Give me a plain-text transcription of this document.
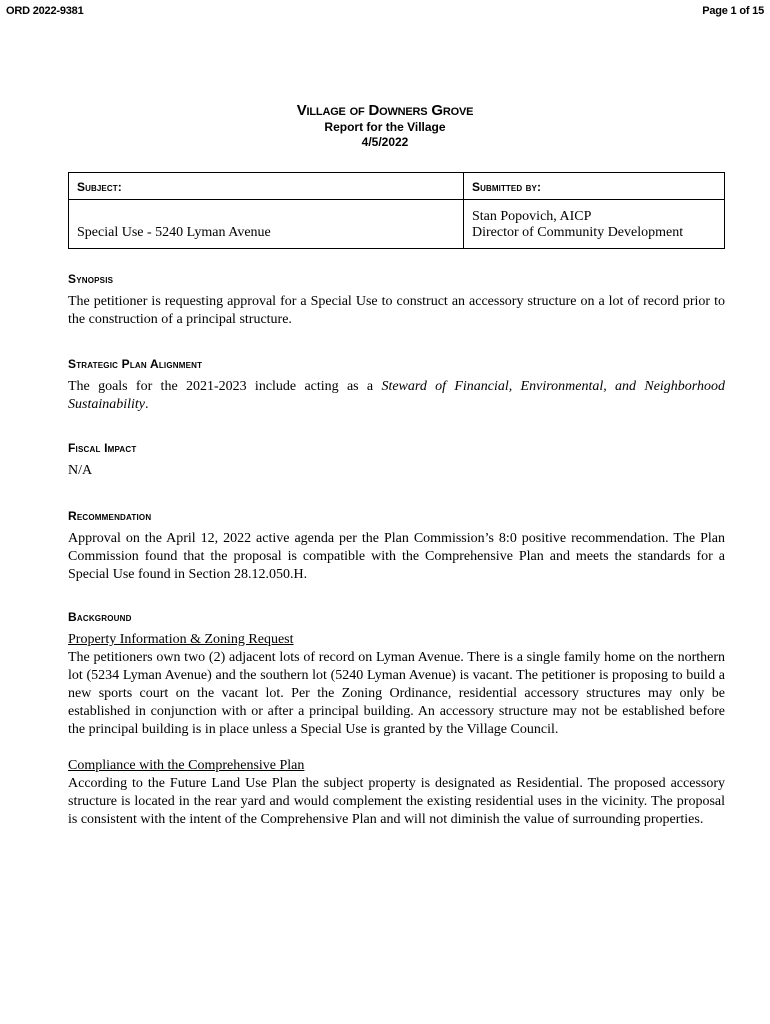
ORD 2022-9381	Page 1 of 15
Village of Downers Grove
Report for the Village
4/5/2022
Subject:	Submitted by:

Special Use - 5240 Lyman Avenue	Stan Popovich, AICP
Director of Community Development
Synopsis
The petitioner is requesting approval for a Special Use to construct an accessory structure on a lot of record prior to the construction of a principal structure.
Strategic Plan Alignment
The goals for the 2021-2023 include acting as a Steward of Financial, Environmental, and Neighborhood Sustainability.
Fiscal Impact
N/A
Recommendation
Approval on the April 12, 2022 active agenda per the Plan Commission’s 8:0 positive recommendation. The Plan Commission found that the proposal is compatible with the Comprehensive Plan and meets the standards for a Special Use found in Section 28.12.050.H.
Background
Property Information & Zoning Request
The petitioners own two (2) adjacent lots of record on Lyman Avenue. There is a single family home on the northern lot (5234 Lyman Avenue) and the southern lot (5240 Lyman Avenue) is vacant. The petitioner is proposing to build a new sports court on the vacant lot. Per the Zoning Ordinance, residential accessory structures may only be established in conjunction with or after a principal building. An accessory structure may not be established before the principal building is in place unless a Special Use is granted by the Village Council.
Compliance with the Comprehensive Plan
According to the Future Land Use Plan the subject property is designated as Residential. The proposed accessory structure is located in the rear yard and would complement the existing residential uses in the vicinity. The proposal is consistent with the intent of the Comprehensive Plan and will not diminish the value of surrounding properties.
